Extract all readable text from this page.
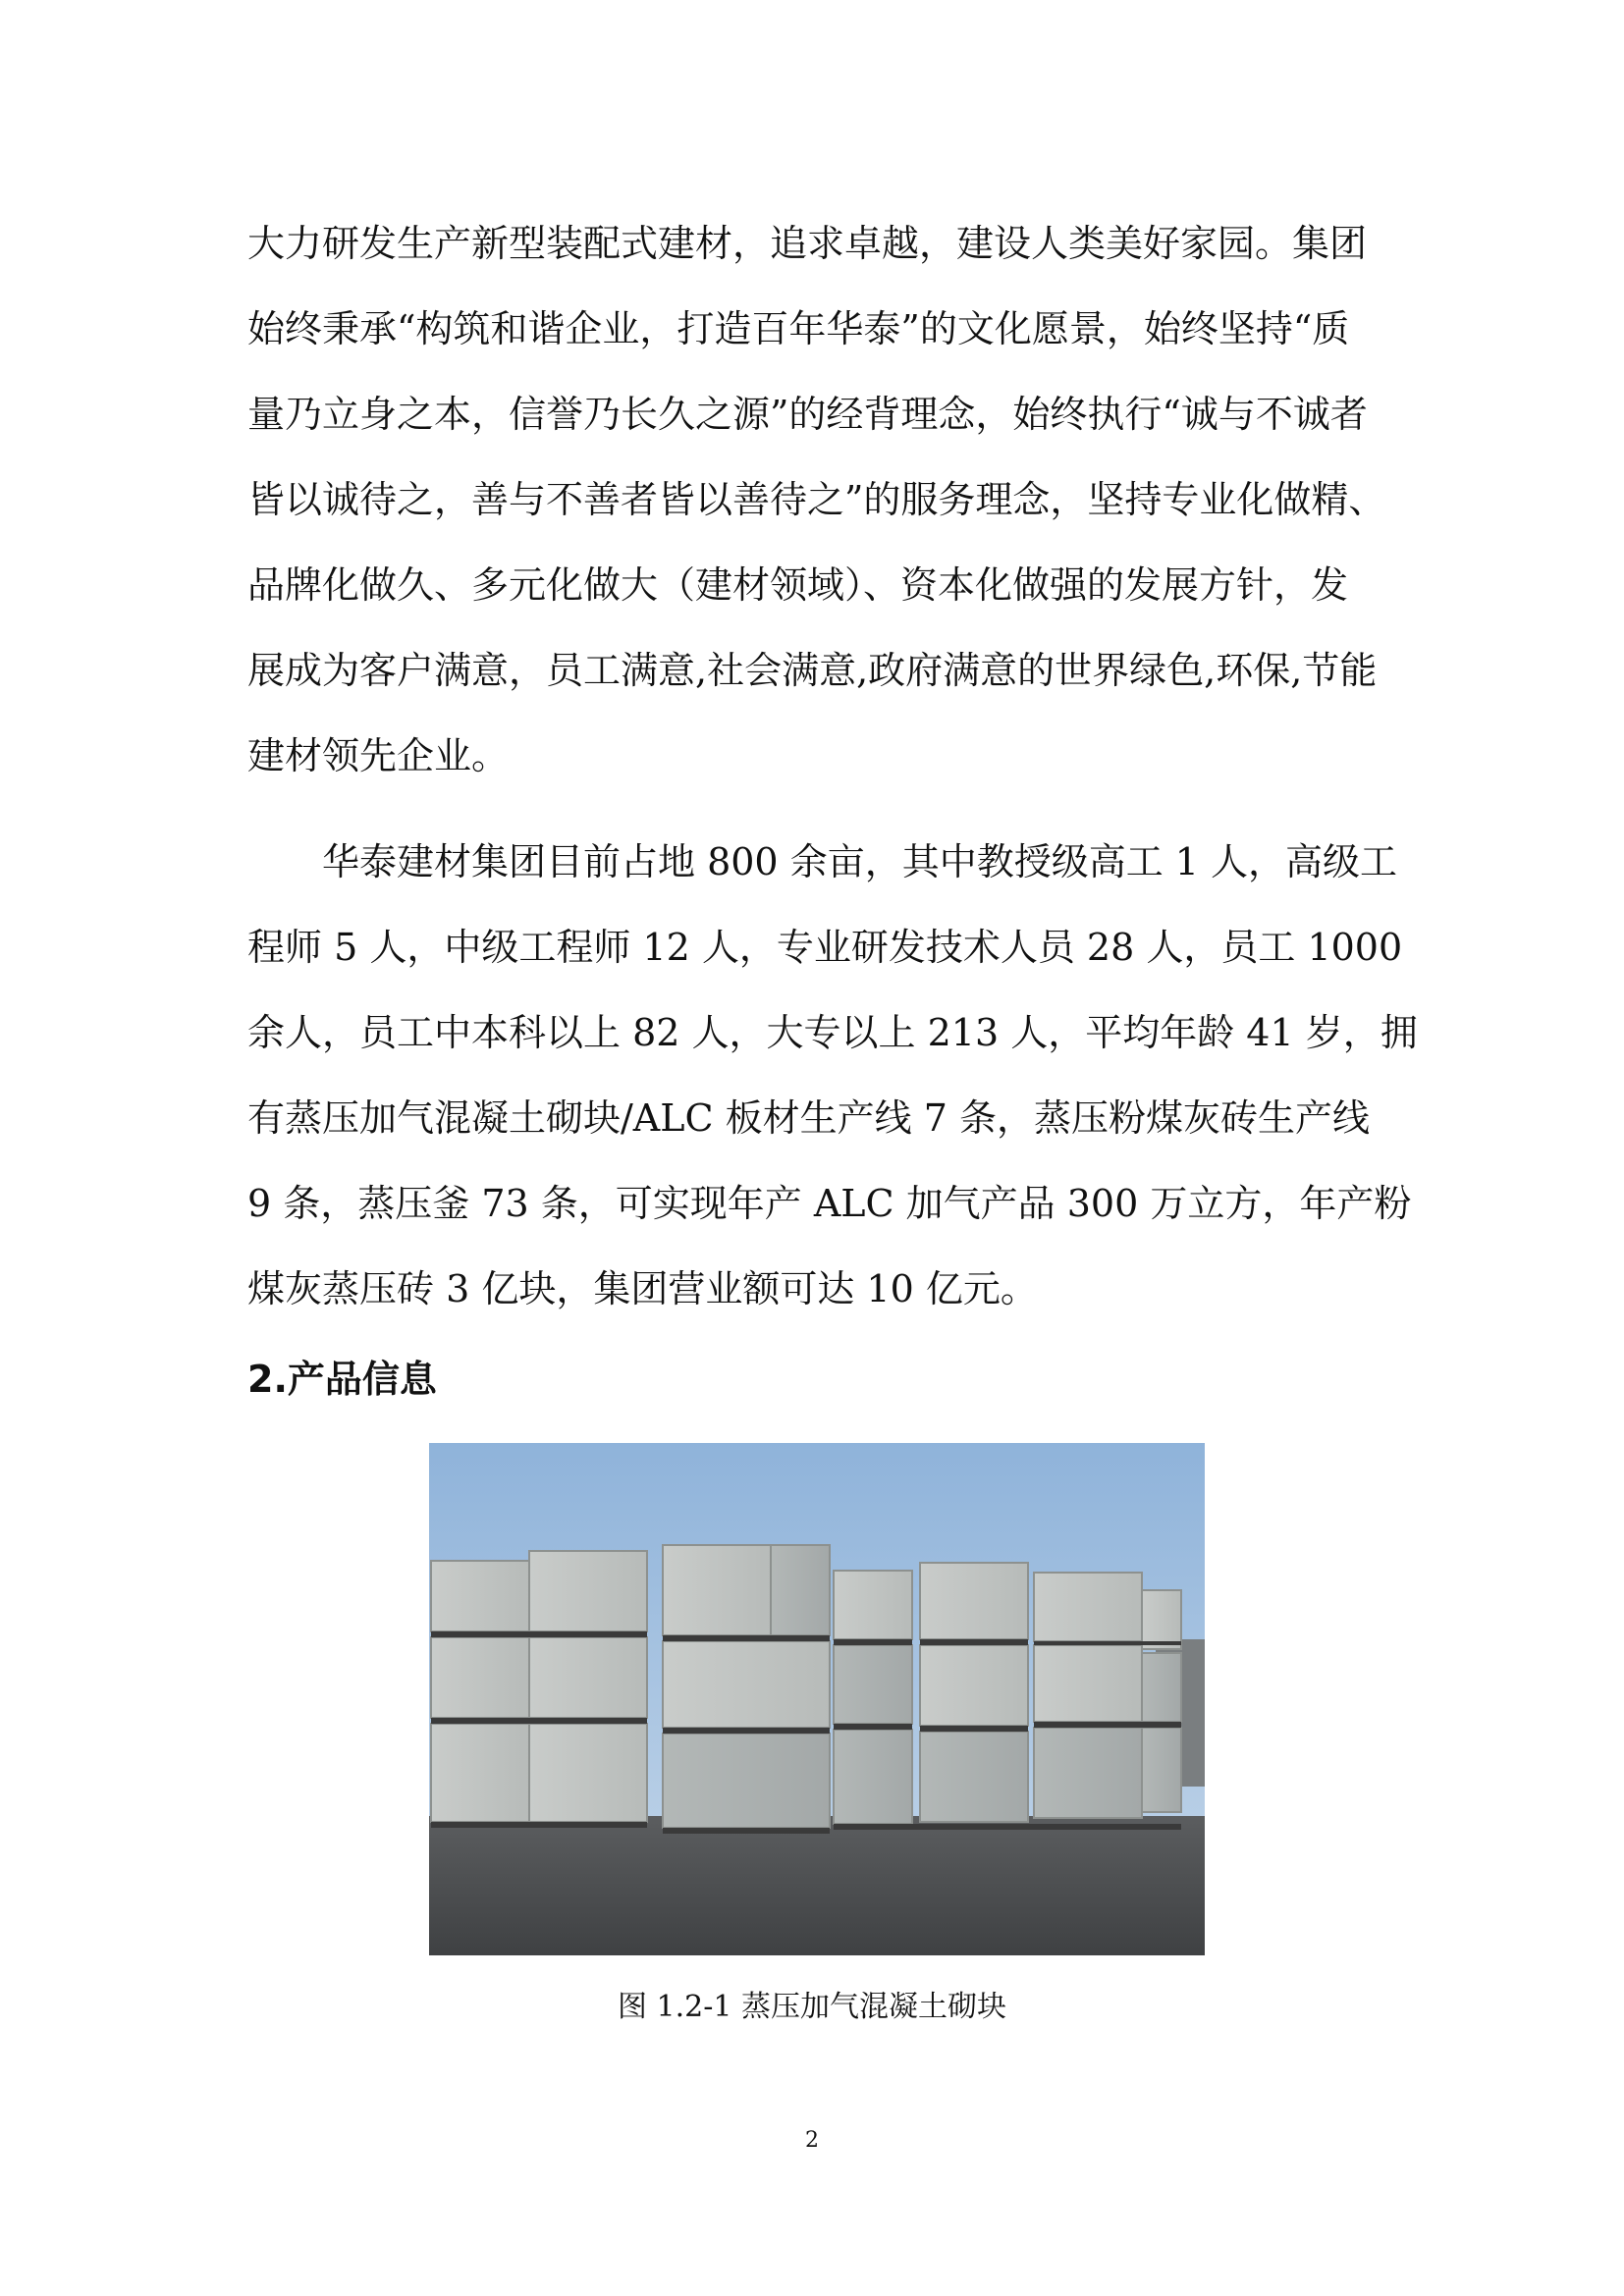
大力研发生产新型装配式建材，追求卓越，建设人类美好家园。集团
始终秉承“构筑和谐企业，打造百年华泰”的文化愿景，始终坚持“质
量乃立身之本，信誉乃长久之源”的经背理念，始终执行“诚与不诚者
皆以诚待之，善与不善者皆以善待之”的服务理念，坚持专业化做精、
品牌化做久、多元化做大（建材领域）、资本化做强的发展方针，发
展成为客户满意，员工满意,社会满意,政府满意的世界绿色,环保,节能
建材领先企业。
　　华泰建材集团目前占地 800 余亩，其中教授级高工 1 人，高级工
程师 5 人，中级工程师 12 人，专业研发技术人员 28 人，员工 1000
余人，员工中本科以上 82 人，大专以上 213 人，平均年龄 41 岁，拥
有蒸压加气混凝土砌块/ALC 板材生产线 7 条，蒸压粉煤灰砖生产线
9 条，蒸压釜 73 条，可实现年产 ALC 加气产品 300 万立方，年产粉
煤灰蒸压砖 3 亿块，集团营业额可达 10 亿元。
2.产品信息
图 1.2-1 蒸压加气混凝土砌块
2
